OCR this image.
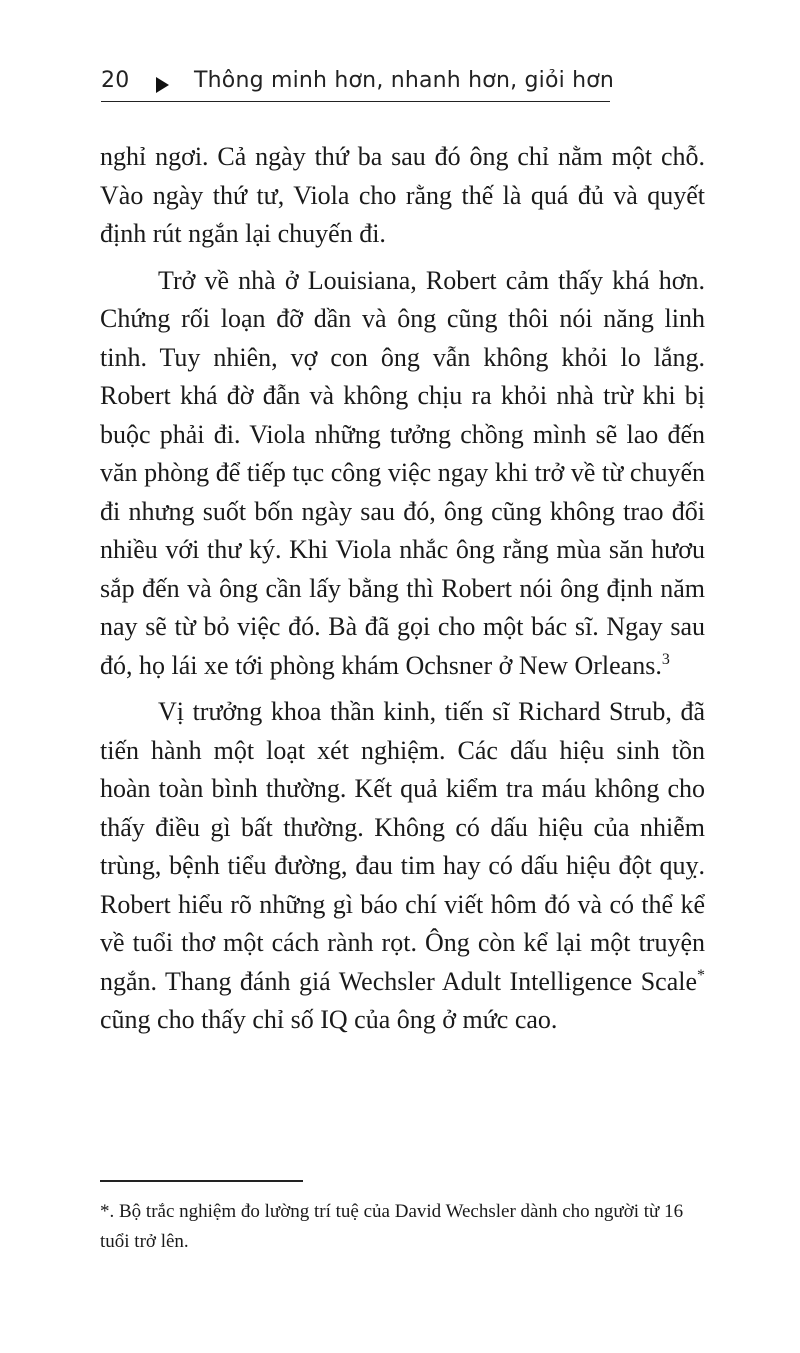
20	Thông minh hơn, nhanh hơn, giỏi hơn

nghỉ ngơi. Cả ngày thứ ba sau đó ông chỉ nằm một chỗ. Vào ngày thứ tư, Viola cho rằng thế là quá đủ và quyết định rút ngắn lại chuyến đi.

Trở về nhà ở Louisiana, Robert cảm thấy khá hơn. Chứng rối loạn đỡ dần và ông cũng thôi nói năng linh tinh. Tuy nhiên, vợ con ông vẫn không khỏi lo lắng. Robert khá đờ đẫn và không chịu ra khỏi nhà trừ khi bị buộc phải đi. Viola những tưởng chồng mình sẽ lao đến văn phòng để tiếp tục công việc ngay khi trở về từ chuyến đi nhưng suốt bốn ngày sau đó, ông cũng không trao đổi nhiều với thư ký. Khi Viola nhắc ông rằng mùa săn hươu sắp đến và ông cần lấy bằng thì Robert nói ông định năm nay sẽ từ bỏ việc đó. Bà đã gọi cho một bác sĩ. Ngay sau đó, họ lái xe tới phòng khám Ochsner ở New Orleans.$^3$

Vị trưởng khoa thần kinh, tiến sĩ Richard Strub, đã tiến hành một loạt xét nghiệm. Các dấu hiệu sinh tồn hoàn toàn bình thường. Kết quả kiểm tra máu không cho thấy điều gì bất thường. Không có dấu hiệu của nhiễm trùng, bệnh tiểu đường, đau tim hay có dấu hiệu đột quỵ. Robert hiểu rõ những gì báo chí viết hôm đó và có thể kể về tuổi thơ một cách rành rọt. Ông còn kể lại một truyện ngắn. Thang đánh giá Wechsler Adult Intelligence Scale* cũng cho thấy chỉ số IQ của ông ở mức cao.

*. Bộ trắc nghiệm đo lường trí tuệ của David Wechsler dành cho người từ 16 tuổi trở lên.
